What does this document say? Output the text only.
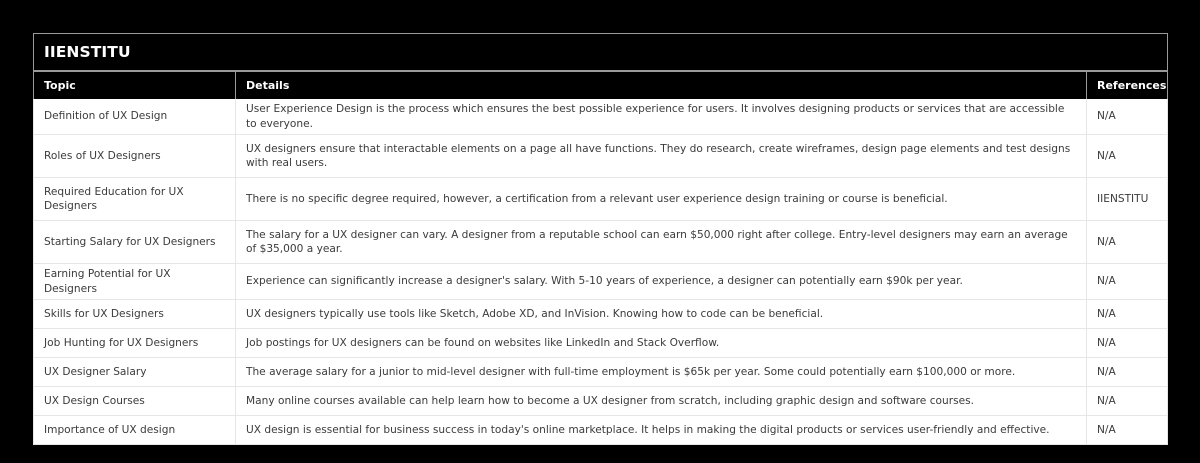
IIENSTITU		
Topic	Details	References
Definition of UX Design	User Experience Design is the process which ensures the best possible experience for users. It involves designing products or services that are accessible to everyone.	N/A
Roles of UX Designers	UX designers ensure that interactable elements on a page all have functions. They do research, create wireframes, design page elements and test designs with real users.	N/A
Required Education for UX Designers	There is no specific degree required, however, a certification from a relevant user experience design training or course is beneficial.	IIENSTITU
Starting Salary for UX Designers	The salary for a UX designer can vary. A designer from a reputable school can earn $50,000 right after college. Entry-level designers may earn an average of $35,000 a year.	N/A
Earning Potential for UX Designers	Experience can significantly increase a designer's salary. With 5-10 years of experience, a designer can potentially earn $90k per year.	N/A
Skills for UX Designers	UX designers typically use tools like Sketch, Adobe XD, and InVision. Knowing how to code can be beneficial.	N/A
Job Hunting for UX Designers	Job postings for UX designers can be found on websites like LinkedIn and Stack Overflow.	N/A
UX Designer Salary	The average salary for a junior to mid-level designer with full-time employment is $65k per year. Some could potentially earn $100,000 or more.	N/A
UX Design Courses	Many online courses available can help learn how to become a UX designer from scratch, including graphic design and software courses.	N/A
Importance of UX design	UX design is essential for business success in today's online marketplace. It helps in making the digital products or services user-friendly and effective.	N/A
